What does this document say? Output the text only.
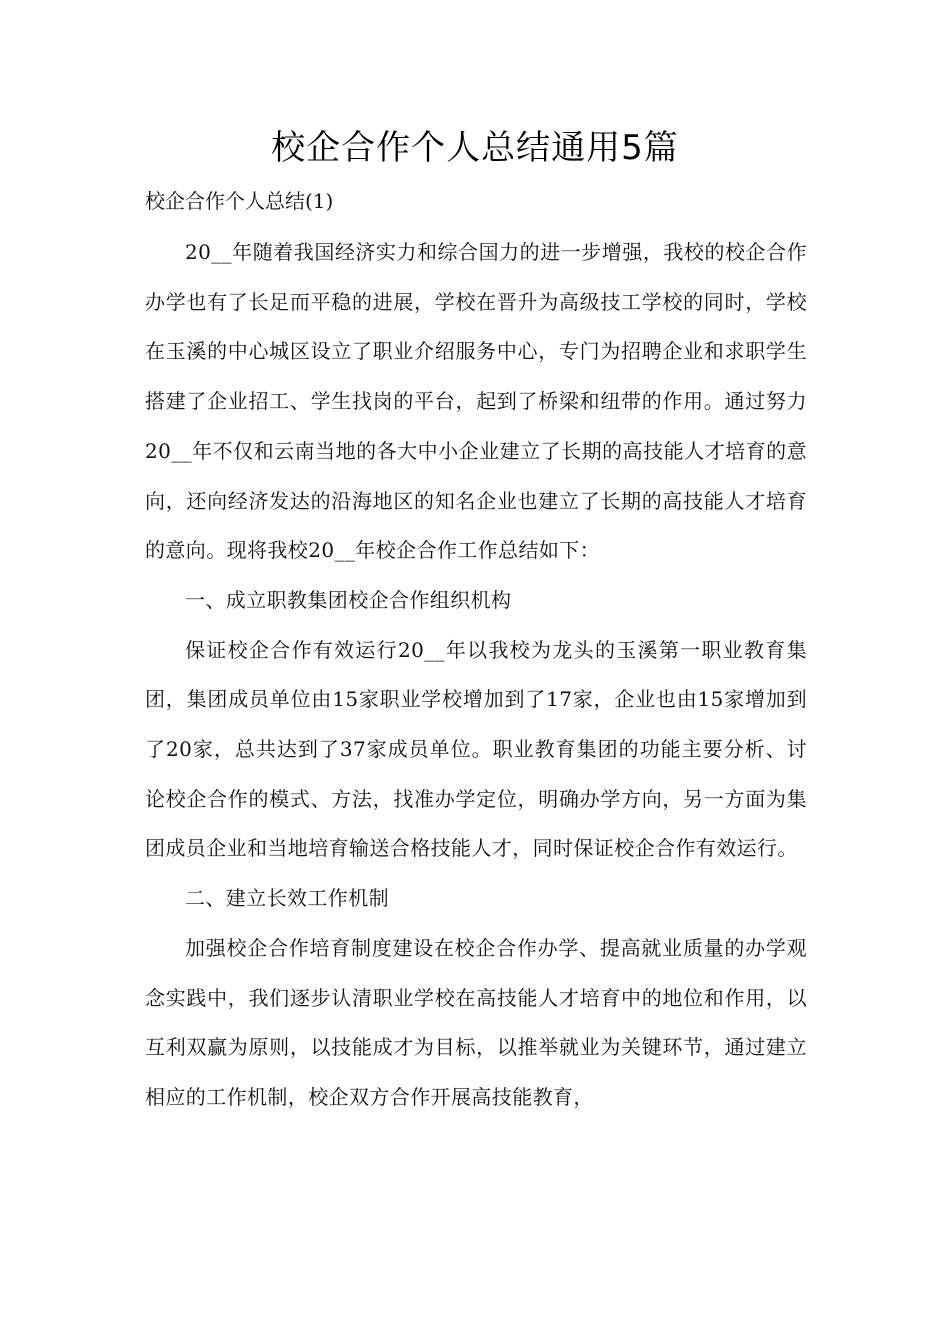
校企合作个人总结通用5篇
校企合作个人总结(1)

20__年随着我国经济实力和综合国力的进一步增强，我校的校企合作办学也有了长足而平稳的进展，学校在晋升为高级技工学校的同时，学校在玉溪的中心城区设立了职业介绍服务中心，专门为招聘企业和求职学生搭建了企业招工、学生找岗的平台，起到了桥梁和纽带的作用。通过努力20__年不仅和云南当地的各大中小企业建立了长期的高技能人才培育的意向，还向经济发达的沿海地区的知名企业也建立了长期的高技能人才培育的意向。现将我校20__年校企合作工作总结如下：

一、成立职教集团校企合作组织机构

保证校企合作有效运行20__年以我校为龙头的玉溪第一职业教育集团，集团成员单位由15家职业学校增加到了17家，企业也由15家增加到了20家，总共达到了37家成员单位。职业教育集团的功能主要分析、讨论校企合作的模式、方法，找准办学定位，明确办学方向，另一方面为集团成员企业和当地培育输送合格技能人才，同时保证校企合作有效运行。

二、建立长效工作机制

加强校企合作培育制度建设在校企合作办学、提高就业质量的办学观念实践中，我们逐步认清职业学校在高技能人才培育中的地位和作用，以互利双赢为原则，以技能成才为目标，以推举就业为关键环节，通过建立相应的工作机制，校企双方合作开展高技能教育，
